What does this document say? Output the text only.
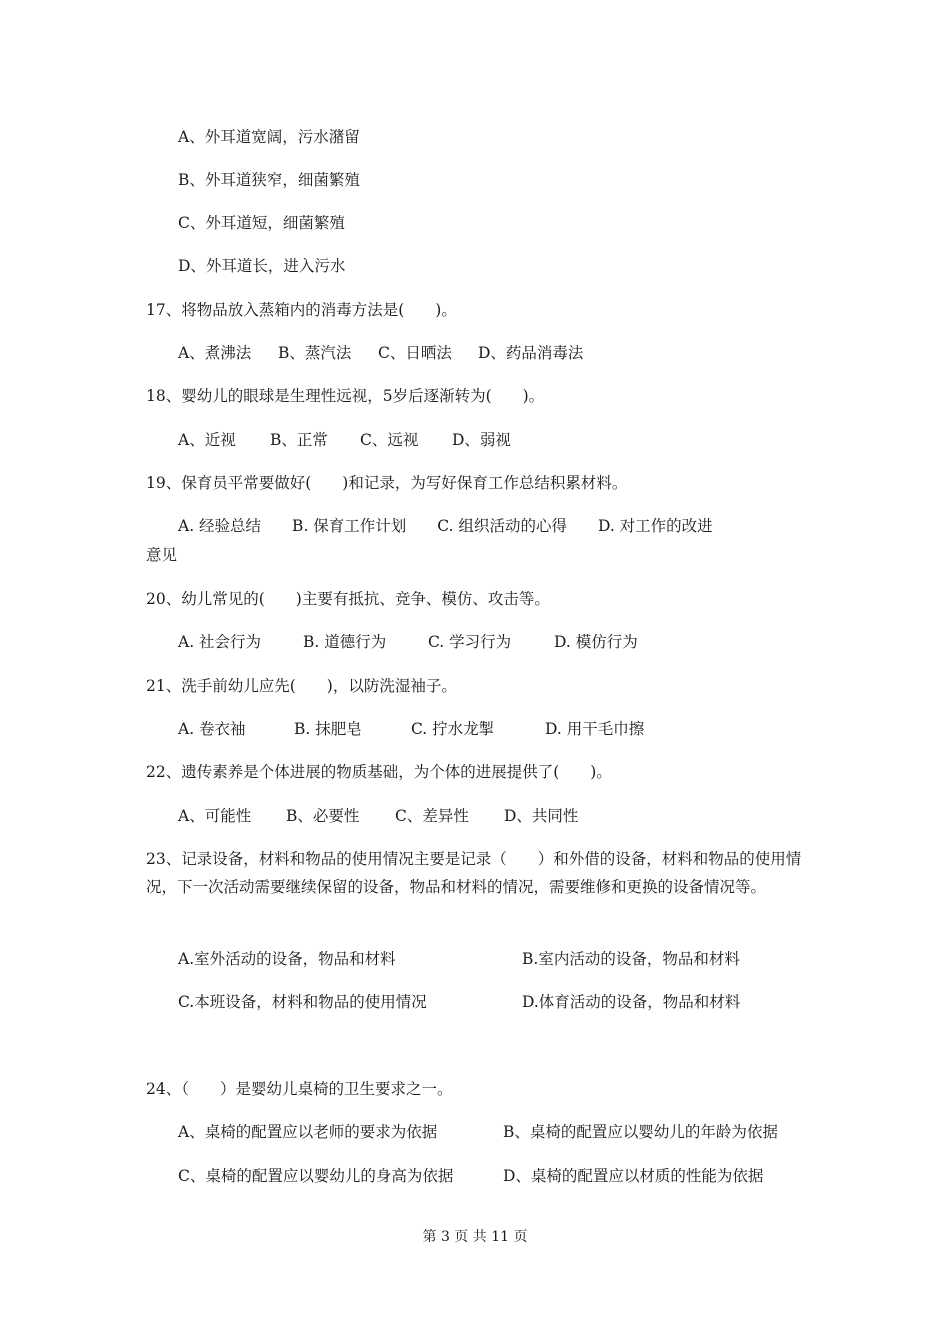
A、外耳道宽阔，污水潴留
B、外耳道狭窄，细菌繁殖
C、外耳道短，细菌繁殖
D、外耳道长，进入污水
17、将物品放入蒸箱内的消毒方法是(　　)。
A、煮沸法	B、蒸汽法	C、日晒法	D、药品消毒法
18、婴幼儿的眼球是生理性远视，5岁后逐渐转为(　　)。
A、近视	B、正常	C、远视	D、弱视
19、保育员平常要做好(　　)和记录，为写好保育工作总结积累材料。
A. 经验总结　　B. 保育工作计划　　C. 组织活动的心得　　D. 对工作的改进
意见
20、幼儿常见的(　　)主要有抵抗、竞争、模仿、攻击等。
A. 社会行为	B. 道德行为	C. 学习行为	D. 模仿行为
21、洗手前幼儿应先(　　)，以防洗湿袖子。
A. 卷衣袖	B. 抹肥皂	C. 拧水龙掣	D. 用干毛巾擦
22、遗传素养是个体进展的物质基础，为个体的进展提供了(　　)。
A、可能性	B、必要性	C、差异性	D、共同性
23、记录设备，材料和物品的使用情况主要是记录（　　）和外借的设备，材料和物品的使用情况，下一次活动需要继续保留的设备，物品和材料的情况，需要维修和更换的设备情况等。
A.室外活动的设备，物品和材料	B.室内活动的设备，物品和材料
C.本班设备，材料和物品的使用情况	D.体育活动的设备，物品和材料
24、（　　）是婴幼儿桌椅的卫生要求之一。
A、桌椅的配置应以老师的要求为依据	B、桌椅的配置应以婴幼儿的年龄为依据
C、桌椅的配置应以婴幼儿的身高为依据	D、桌椅的配置应以材质的性能为依据
第 3 页 共 11 页
